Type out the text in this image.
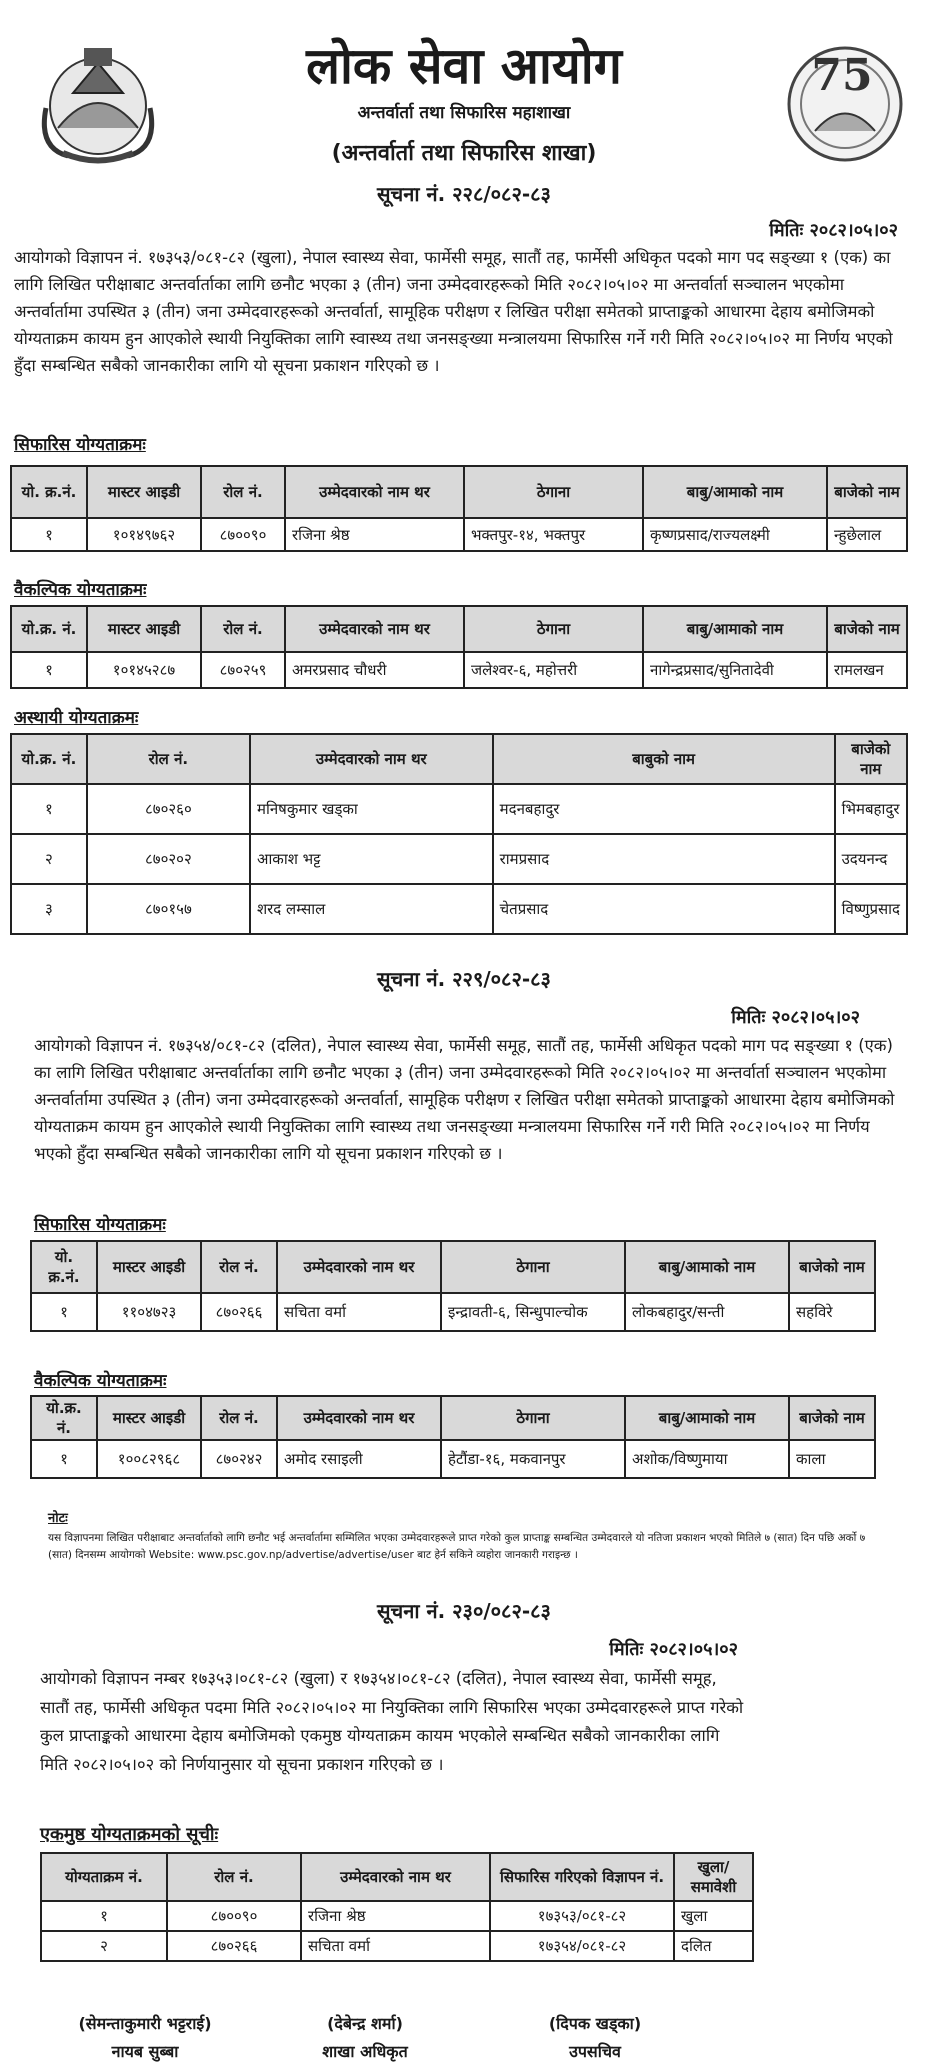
75
लोक सेवा आयोग
अन्तर्वार्ता तथा सिफारिस महाशाखा
(अन्तर्वार्ता तथा सिफारिस शाखा)
सूचना नं. २२८/०८२-८३
मितिः २०८२।०५।०२

आयोगको विज्ञापन नं. १७३५३/०८१-८२ (खुला), नेपाल स्वास्थ्य सेवा, फार्मेसी समूह, सातौं तह, फार्मेसी अधिकृत पदको माग पद सङ्ख्या १ (एक) का लागि लिखित परीक्षाबाट अन्तर्वार्ताका लागि छनौट भएका ३ (तीन) जना उम्मेदवारहरूको मिति २०८२।०५।०२ मा अन्तर्वार्ता सञ्चालन भएकोमा अन्तर्वार्तामा उपस्थित ३ (तीन) जना उम्मेदवारहरूको अन्तर्वार्ता, सामूहिक परीक्षण र लिखित परीक्षा समेतको प्राप्ताङ्कको आधारमा देहाय बमोजिमको योग्यताक्रम कायम हुन आएकोले स्थायी नियुक्तिका लागि स्वास्थ्य तथा जनसङ्ख्या मन्त्रालयमा सिफारिस गर्ने गरी मिति २०८२।०५।०२ मा निर्णय भएको हुँदा सम्बन्धित सबैको जानकारीका लागि यो सूचना प्रकाशन गरिएको छ ।

सिफारिस योग्यताक्रमः
यो. क्र.नं.	मास्टर आइडी	रोल नं.	उम्मेदवारको नाम थर	ठेगाना	बाबु/आमाको नाम	बाजेको नाम
१	१०१४९७६२	८७००९०	रजिना श्रेष्ठ	भक्तपुर-१४, भक्तपुर	कृष्णप्रसाद/राज्यलक्ष्मी	न्हुछेलाल
वैकल्पिक योग्यताक्रमः
यो.क्र. नं.	मास्टर आइडी	रोल नं.	उम्मेदवारको नाम थर	ठेगाना	बाबु/आमाको नाम	बाजेको नाम
१	१०१४५२८७	८७०२५९	अमरप्रसाद चौधरी	जलेश्वर-६, महोत्तरी	नागेन्द्रप्रसाद/सुनितादेवी	रामलखन
अस्थायी योग्यताक्रमः
यो.क्र. नं.	रोल नं.	उम्मेदवारको नाम थर	बाबुको नाम	बाजेको नाम
१	८७०२६०	मनिषकुमार खड्का	मदनबहादुर	भिमबहादुर
२	८७०२०२	आकाश भट्ट	रामप्रसाद	उदयनन्द
३	८७०१५७	शरद लम्साल	चेतप्रसाद	विष्णुप्रसाद
सूचना नं. २२९/०८२-८३
मितिः २०८२।०५।०२

आयोगको विज्ञापन नं. १७३५४/०८१-८२ (दलित), नेपाल स्वास्थ्य सेवा, फार्मेसी समूह, सातौं तह, फार्मेसी अधिकृत पदको माग पद सङ्ख्या १ (एक) का लागि लिखित परीक्षाबाट अन्तर्वार्ताका लागि छनौट भएका ३ (तीन) जना उम्मेदवारहरूको मिति २०८२।०५।०२ मा अन्तर्वार्ता सञ्चालन भएकोमा अन्तर्वार्तामा उपस्थित ३ (तीन) जना उम्मेदवारहरूको अन्तर्वार्ता, सामूहिक परीक्षण र लिखित परीक्षा समेतको प्राप्ताङ्कको आधारमा देहाय बमोजिमको योग्यताक्रम कायम हुन आएकोले स्थायी नियुक्तिका लागि स्वास्थ्य तथा जनसङ्ख्या मन्त्रालयमा सिफारिस गर्ने गरी मिति २०८२।०५।०२ मा निर्णय भएको हुँदा सम्बन्धित सबैको जानकारीका लागि यो सूचना प्रकाशन गरिएको छ ।

सिफारिस योग्यताक्रमः
यो. क्र.नं.	मास्टर आइडी	रोल नं.	उम्मेदवारको नाम थर	ठेगाना	बाबु/आमाको नाम	बाजेको नाम
१	११०४७२३	८७०२६६	सचिता वर्मा	इन्द्रावती-६, सिन्धुपाल्चोक	लोकबहादुर/सन्ती	सहविरे
वैकल्पिक योग्यताक्रमः
यो.क्र. नं.	मास्टर आइडी	रोल नं.	उम्मेदवारको नाम थर	ठेगाना	बाबु/आमाको नाम	बाजेको नाम
१	१००८२९६८	८७०२४२	अमोद रसाइली	हेटौंडा-१६, मकवानपुर	अशोक/विष्णुमाया	काला
नोटः

यस विज्ञापनमा लिखित परीक्षाबाट अन्तर्वार्ताको लागि छनौट भई अन्तर्वार्तामा सम्मिलित भएका उम्मेदवारहरूले प्राप्त गरेको कुल प्राप्ताङ्क सम्बन्धित उम्मेदवारले यो नतिजा प्रकाशन भएको मितिले ७ (सात) दिन पछि अर्को ७ (सात) दिनसम्म आयोगको Website: www.psc.gov.np/advertise/advertise/user बाट हेर्न सकिने व्यहोरा जानकारी गराइन्छ ।

सूचना नं. २३०/०८२-८३
मितिः २०८२।०५।०२

आयोगको विज्ञापन नम्बर १७३५३।०८१-८२ (खुला) र १७३५४।०८१-८२ (दलित), नेपाल स्वास्थ्य सेवा, फार्मेसी समूह, सातौं तह, फार्मेसी अधिकृत पदमा मिति २०८२।०५।०२ मा नियुक्तिका लागि सिफारिस भएका उम्मेदवारहरूले प्राप्त गरेको कुल प्राप्ताङ्कको आधारमा देहाय बमोजिमको एकमुष्ठ योग्यताक्रम कायम भएकोले सम्बन्धित सबैको जानकारीका लागि मिति २०८२।०५।०२ को निर्णयानुसार यो सूचना प्रकाशन गरिएको छ ।

एकमुष्ठ योग्यताक्रमको सूचीः
योग्यताक्रम नं.	रोल नं.	उम्मेदवारको नाम थर	सिफारिस गरिएको विज्ञापन नं.	खुला/समावेशी
१	८७००९०	रजिना श्रेष्ठ	१७३५३/०८१-८२	खुला
२	८७०२६६	सचिता वर्मा	१७३५४/०८१-८२	दलित
(सेमन्ताकुमारी भट्टराई)
नायब सुब्बा
(देबेन्द्र शर्मा)
शाखा अधिकृत
(दिपक खड्का)
उपसचिव
